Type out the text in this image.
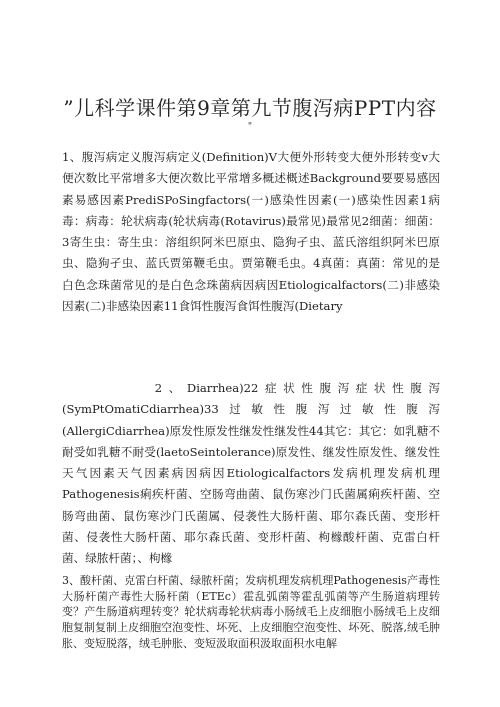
”儿科学课件第9章第九节腹泻病PPT内容
"
1、腹泻病定义腹泻病定义(Definition)V大便外形转变大便外形转变v大便次数比平常增多大便次数比平常增多概述概述Background要要易感因素易感因素PrediSPoSingfactors(一)感染性因素(一)感染性因素1病毒：病毒：轮状病毒(轮状病毒(Rotavirus)最常见)最常见2细菌：细菌：3寄生虫：寄生虫：溶组织阿米巴原虫、隐狗孑虫、蓝氏溶组织阿米巴原虫、隐狗孑虫、蓝氏贾第鞭毛虫。贾第鞭毛虫。4真菌：真菌：常见的是白色念珠菌常见的是白色念珠菌病因病因Etiologicalfactors(二)非感染因素(二)非感染因素11食饵性腹泻食饵性腹泻(Dietary
2、Diarrhea)22症状性腹泻症状性腹泻(SymPtOmatiCdiarrhea)33过敏性腹泻过敏性腹泻(AllergiCdiarrhea)原发性原发性继发性继发性44其它：其它：如乳糖不耐受如乳糖不耐受(laetoSeintolerance)原发性、继发性原发性、继发性天气因素天气因素病因病因Etiologicalfactors发病机理发病机理Pathogenesis痢疾杆菌、空肠弯曲菌、鼠伤寒沙门氏菌属痢疾杆菌、空肠弯曲菌、鼠伤寒沙门氏菌属、侵袭性大肠杆菌、耶尔森氏菌、变形杆菌、侵袭性大肠杆菌、耶尔森氏菌、变形杆菌、枸橼酸杆菌、克雷白杆菌、绿脓杆菌；、枸橼
3、酸杆菌、克雷白杆菌、绿脓杆菌；发病机理发病机理Pathogenesis产毒性大肠杆菌产毒性大肠杆菌（ETEc）霍乱弧菌等霍乱弧菌等产生肠道病理转变？产生肠道病理转变？轮状病毒轮状病毒小肠绒毛上皮细胞小肠绒毛上皮细胞复制复制上皮细胞空泡变性、坏死、上皮细胞空泡变性、坏死、脱落,绒毛肿胀、变短脱落，绒毛肿胀、变短汲取面积汲取面积水电解
